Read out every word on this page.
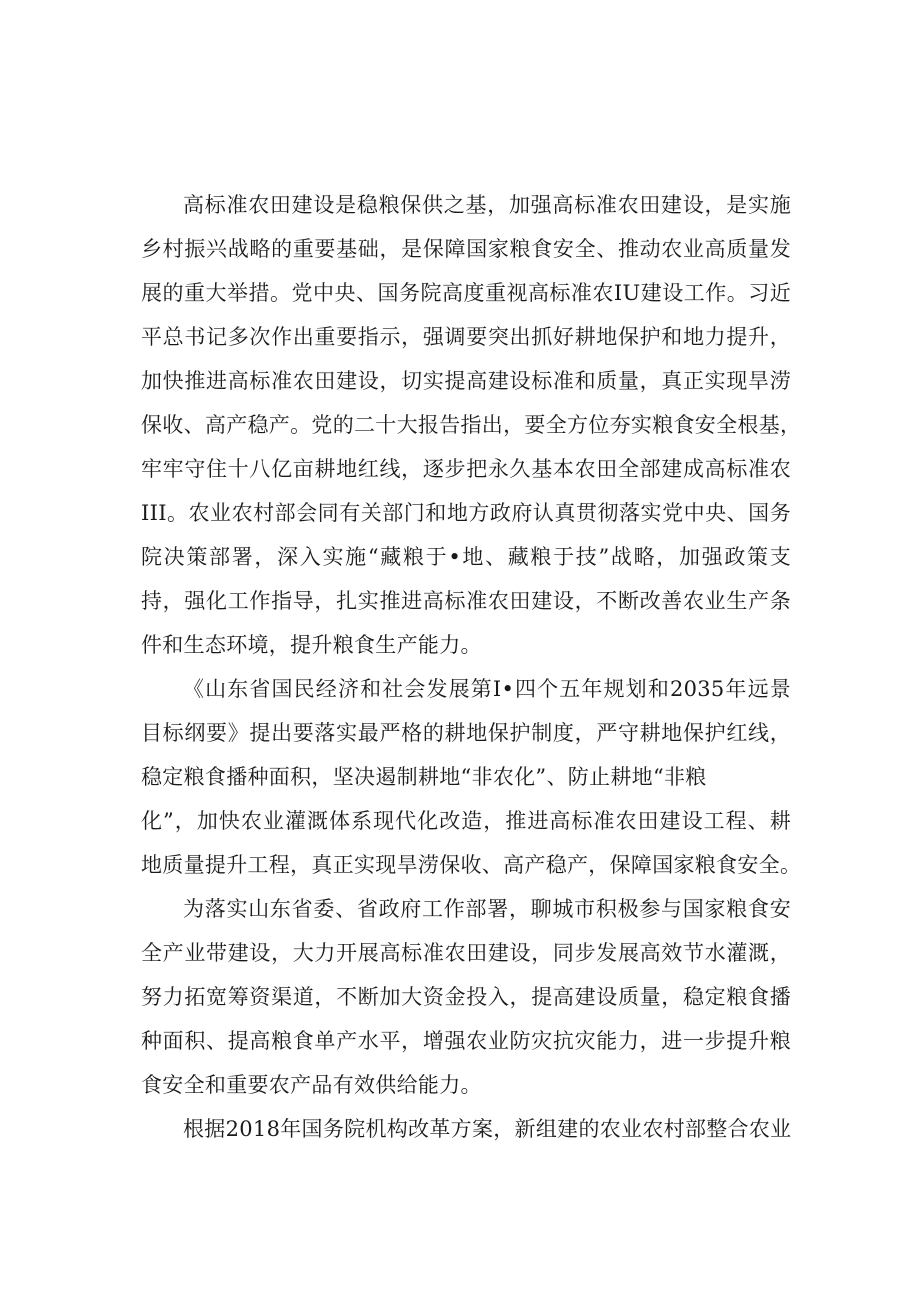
高标准农田建设是稳粮保供之基，加强高标准农田建设，是实施
乡村振兴战略的重要基础，是保障国家粮食安全、推动农业高质量发
展的重大举措。党中央、国务院高度重视高标准农IU建设工作。习近
平总书记多次作出重要指示，强调要突出抓好耕地保护和地力提升，
加快推进高标准农田建设，切实提高建设标准和质量，真正实现旱涝
保收、高产稳产。党的二十大报告指出，要全方位夯实粮食安全根基，
牢牢守住十八亿亩耕地红线，逐步把永久基本农田全部建成高标准农
III。农业农村部会同有关部门和地方政府认真贯彻落实党中央、国务
院决策部署，深入实施“藏粮于•地、藏粮于技”战略，加强政策支
持，强化工作指导，扎实推进高标准农田建设，不断改善农业生产条
件和生态环境，提升粮食生产能力。
《山东省国民经济和社会发展第I•四个五年规划和2035年远景
目标纲要》提出要落实最严格的耕地保护制度，严守耕地保护红线，
稳定粮食播种面积，坚决遏制耕地“非农化”、防止耕地“非粮
化”，加快农业灌溉体系现代化改造，推进高标准农田建设工程、耕
地质量提升工程，真正实现旱涝保收、高产稳产，保障国家粮食安全。
为落实山东省委、省政府工作部署，聊城市积极参与国家粮食安
全产业带建设，大力开展高标准农田建设，同步发展高效节水灌溉，
努力拓宽筹资渠道，不断加大资金投入，提高建设质量，稳定粮食播
种面积、提高粮食单产水平，增强农业防灾抗灾能力，进一步提升粮
食安全和重要农产品有效供给能力。
根据2018年国务院机构改革方案，新组建的农业农村部整合农业
